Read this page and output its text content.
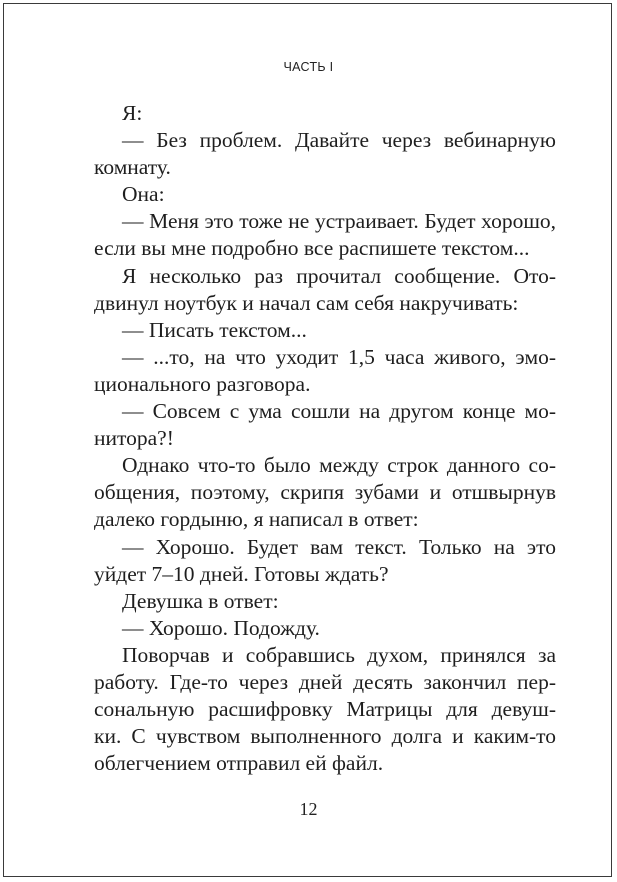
ЧАСТЬ I
Я:
— Без проблем. Давайте через вебинарную
комнату.
Она:
— Меня это тоже не устраивает. Будет хорошо,
если вы мне подробно все распишете текстом...
Я несколько раз прочитал сообщение. Ото-
двинул ноутбук и начал сам себя накручивать:
— Писать текстом...
— ...то, на что уходит 1,5 часа живого, эмо-
ционального разговора.
— Совсем с ума сошли на другом конце мо-
нитора?!
Однако что-то было между строк данного со-
общения, поэтому, скрипя зубами и отшвырнув
далеко гордыню, я написал в ответ:
— Хорошо. Будет вам текст. Только на это
уйдет 7–10 дней. Готовы ждать?
Девушка в ответ:
— Хорошо. Подожду.
Поворчав и собравшись духом, принялся за
работу. Где-то через дней десять закончил пер-
сональную расшифровку Матрицы для девуш-
ки. С чувством выполненного долга и каким-то
облегчением отправил ей файл.
12
